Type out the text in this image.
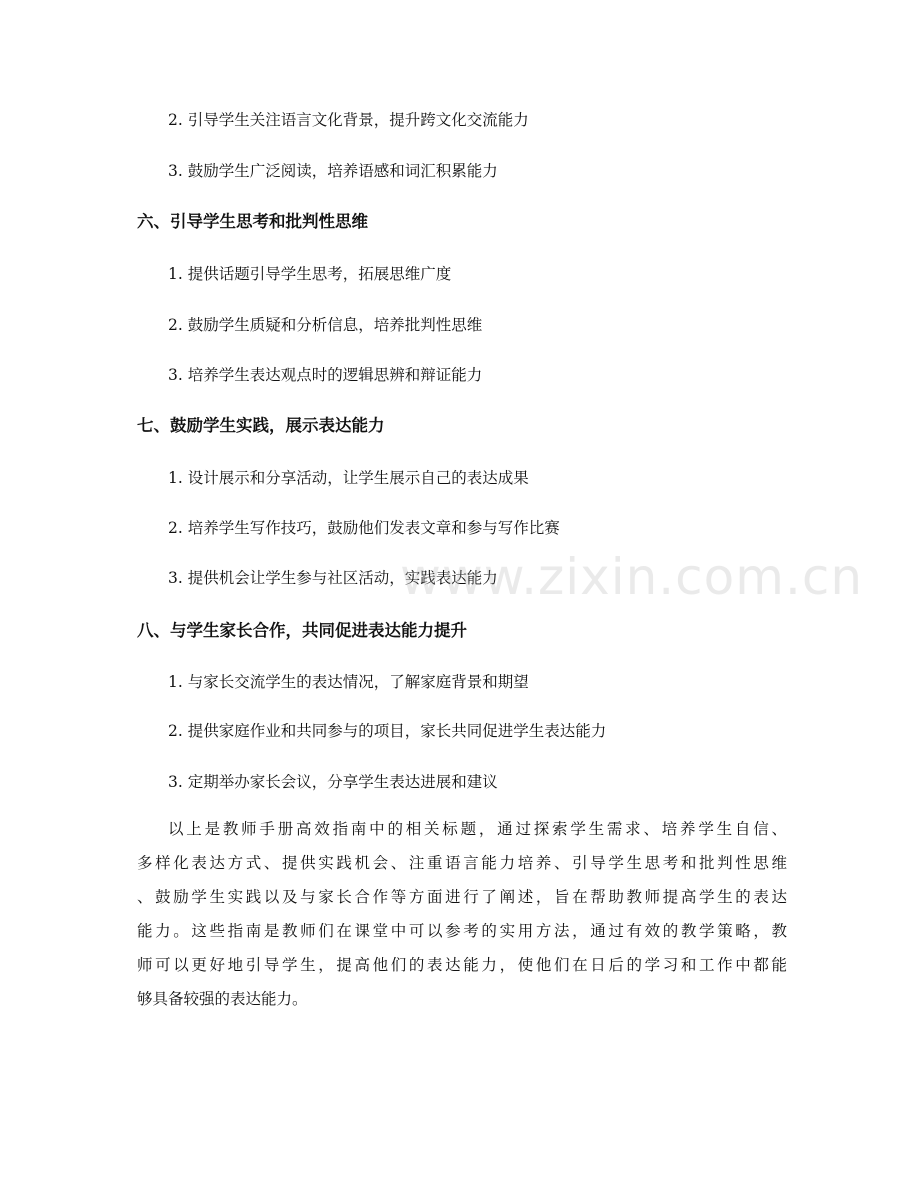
2. 引导学生关注语言文化背景，提升跨文化交流能力
3. 鼓励学生广泛阅读，培养语感和词汇积累能力
六、引导学生思考和批判性思维
1. 提供话题引导学生思考，拓展思维广度
2. 鼓励学生质疑和分析信息，培养批判性思维
3. 培养学生表达观点时的逻辑思辨和辩证能力
七、鼓励学生实践，展示表达能力
1. 设计展示和分享活动，让学生展示自己的表达成果
2. 培养学生写作技巧，鼓励他们发表文章和参与写作比赛
3. 提供机会让学生参与社区活动，实践表达能力
八、与学生家长合作，共同促进表达能力提升
1. 与家长交流学生的表达情况，了解家庭背景和期望
2. 提供家庭作业和共同参与的项目，家长共同促进学生表达能力
3. 定期举办家长会议，分享学生表达进展和建议
以上是教师手册高效指南中的相关标题，通过探索学生需求、培养学生自信、
多样化表达方式、提供实践机会、注重语言能力培养、引导学生思考和批判性思维
、鼓励学生实践以及与家长合作等方面进行了阐述，旨在帮助教师提高学生的表达
能力。这些指南是教师们在课堂中可以参考的实用方法，通过有效的教学策略，教
师可以更好地引导学生，提高他们的表达能力，使他们在日后的学习和工作中都能
够具备较强的表达能力。
www.zixin.com.cn
